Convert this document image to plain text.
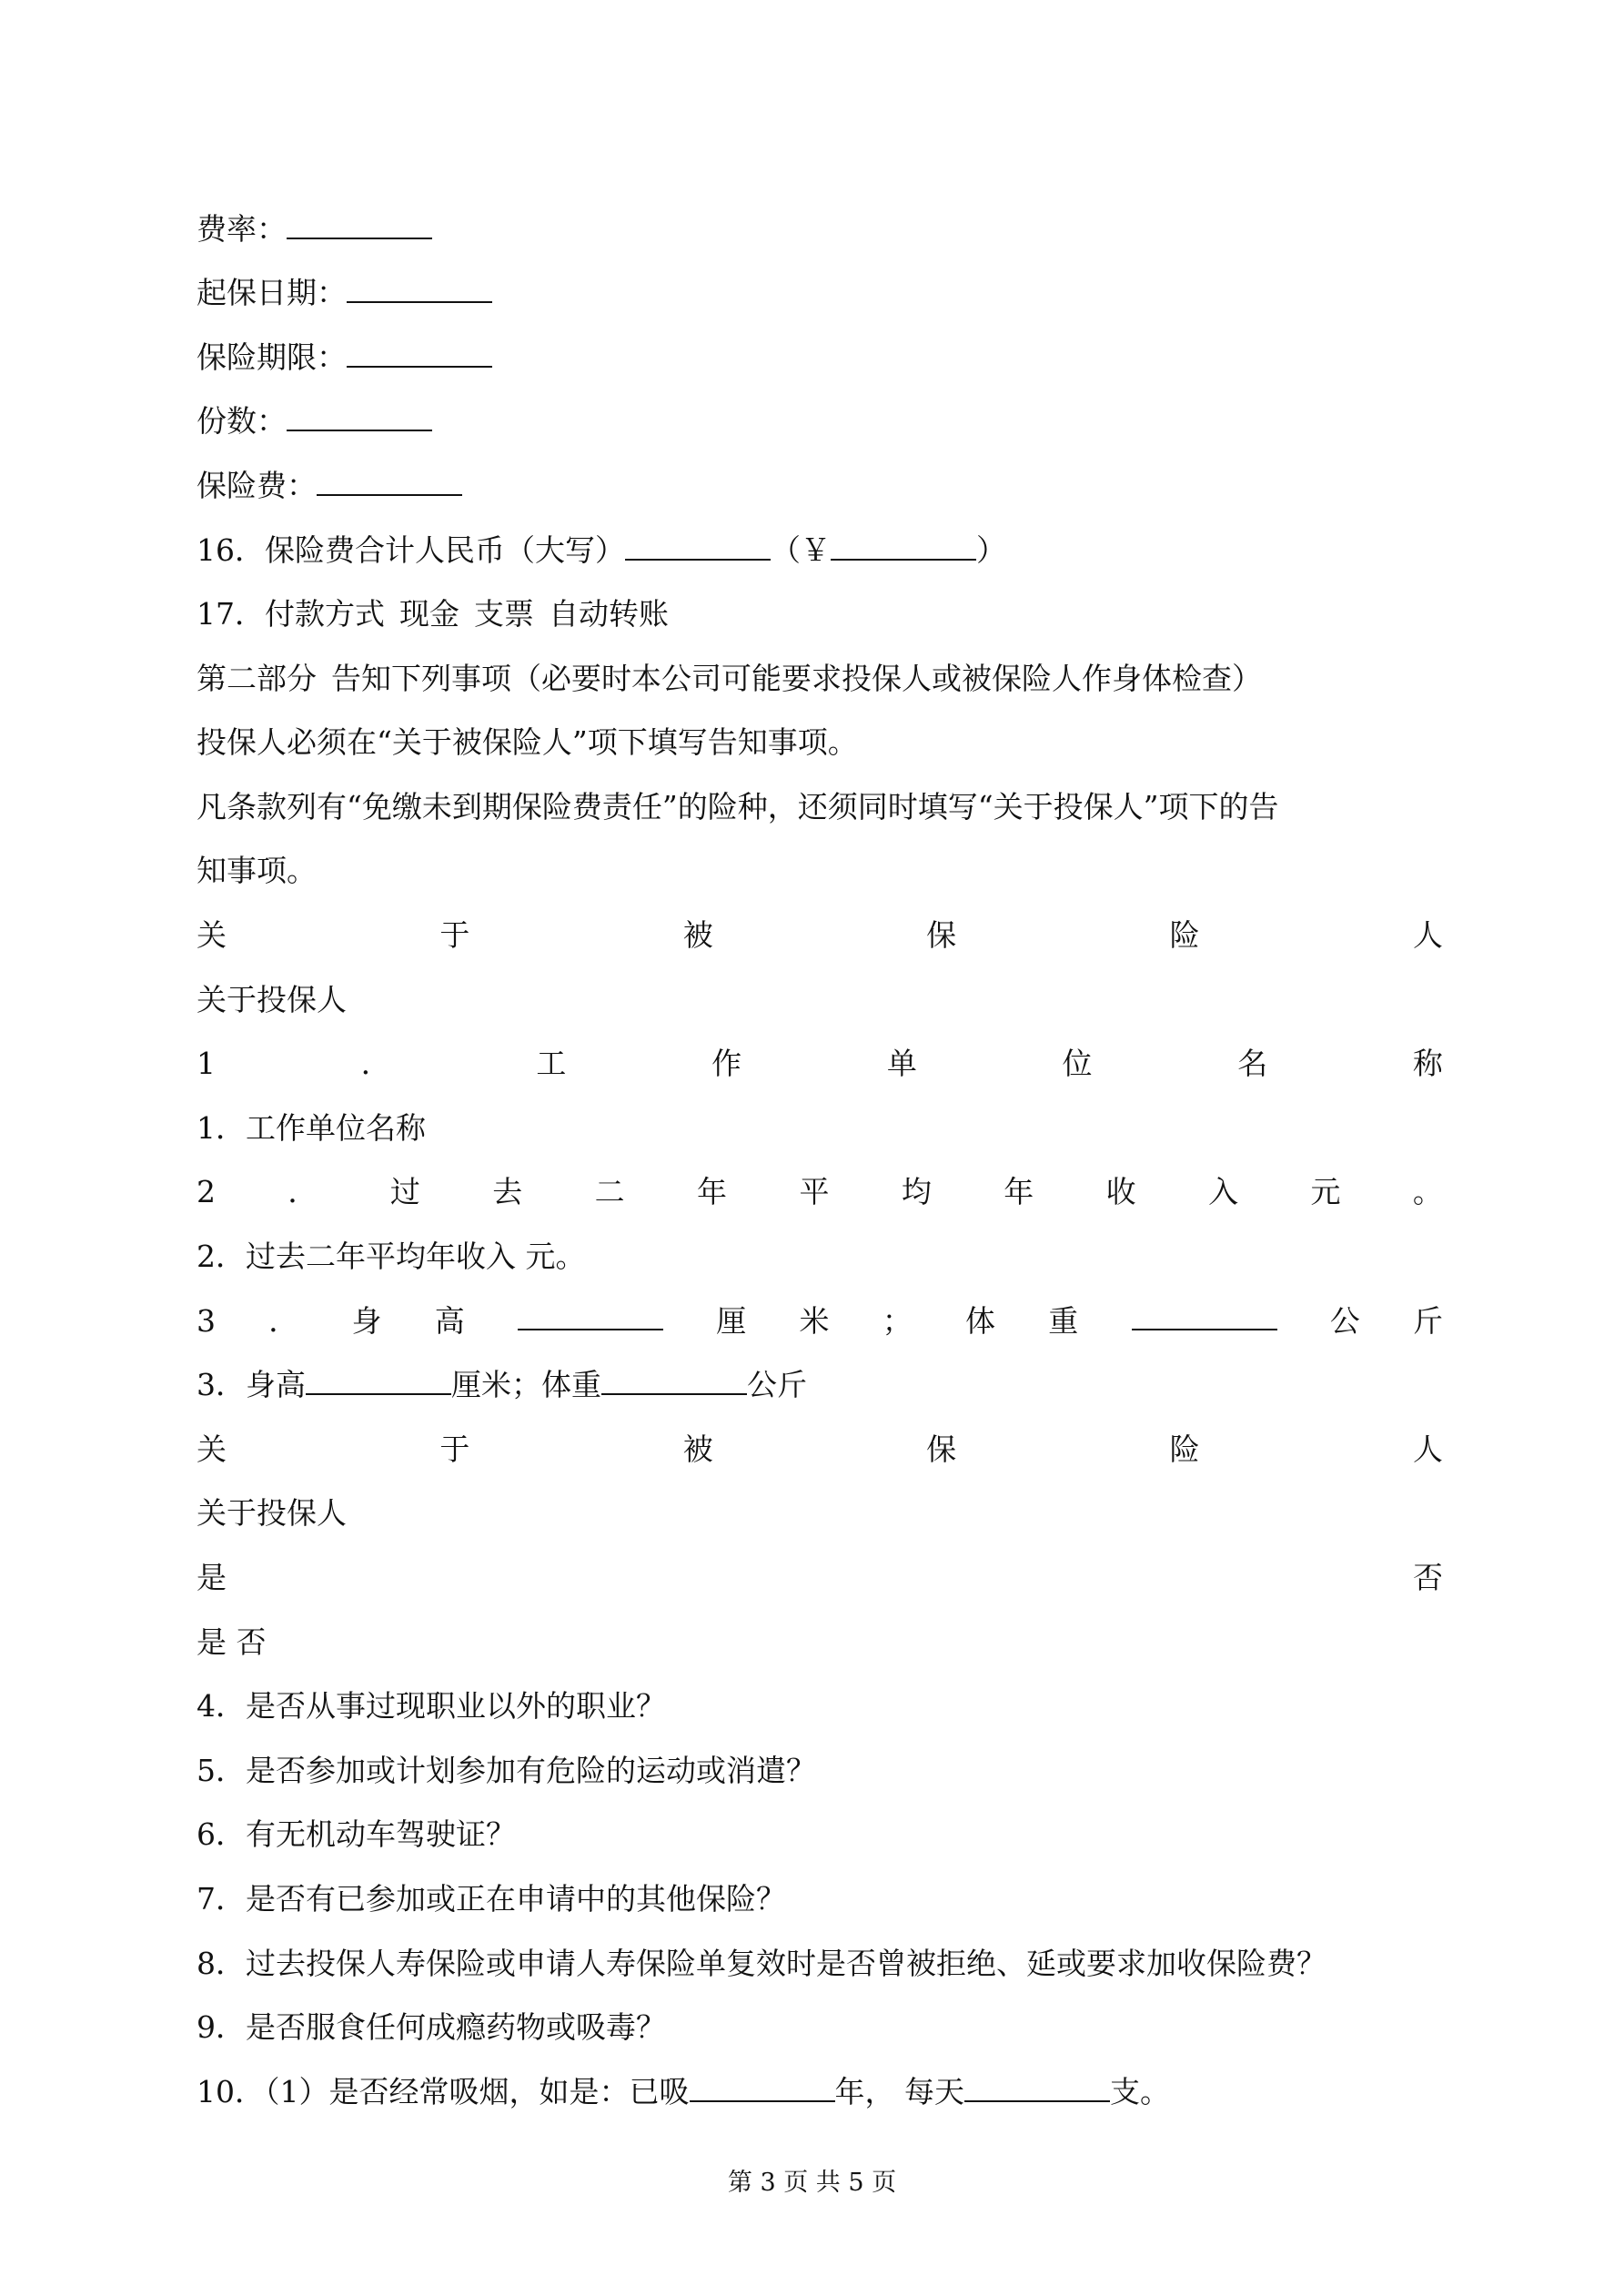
费率：
起保日期：
保险期限：
份数：
保险费：
16．保险费合计人民币（大写）	（￥	）
17．付款方式 现金 支票 自动转账
第二部分 告知下列事项（必要时本公司可能要求投保人或被保险人作身体检查）
投保人必须在“关于被保险人”项下填写告知事项。
凡条款列有“免缴未到期保险费责任”的险种，还须同时填写“关于投保人”项下的告
知事项。
关	于	被	保	险	人
关于投保人
1	．	工	作	单	位	名	称
1．工作单位名称
2 ． 过 去 二 年 平 均 年 收 入 元 。
2．过去二年平均年收入 元。
3 ． 身 高	厘 米 ； 体 重	公 斤
3．身高	厘米；体重	公斤
关	于	被	保	险	人
关于投保人
是	否
是 否
4．是否从事过现职业以外的职业？
5．是否参加或计划参加有危险的运动或消遣？
6．有无机动车驾驶证？
7．是否有已参加或正在申请中的其他保险？
8．过去投保人寿保险或申请人寿保险单复效时是否曾被拒绝、延或要求加收保险费？
9．是否服食任何成瘾药物或吸毒？
10．（1）是否经常吸烟，如是：已吸	年， 每天	支。
第 3 页 共 5 页
